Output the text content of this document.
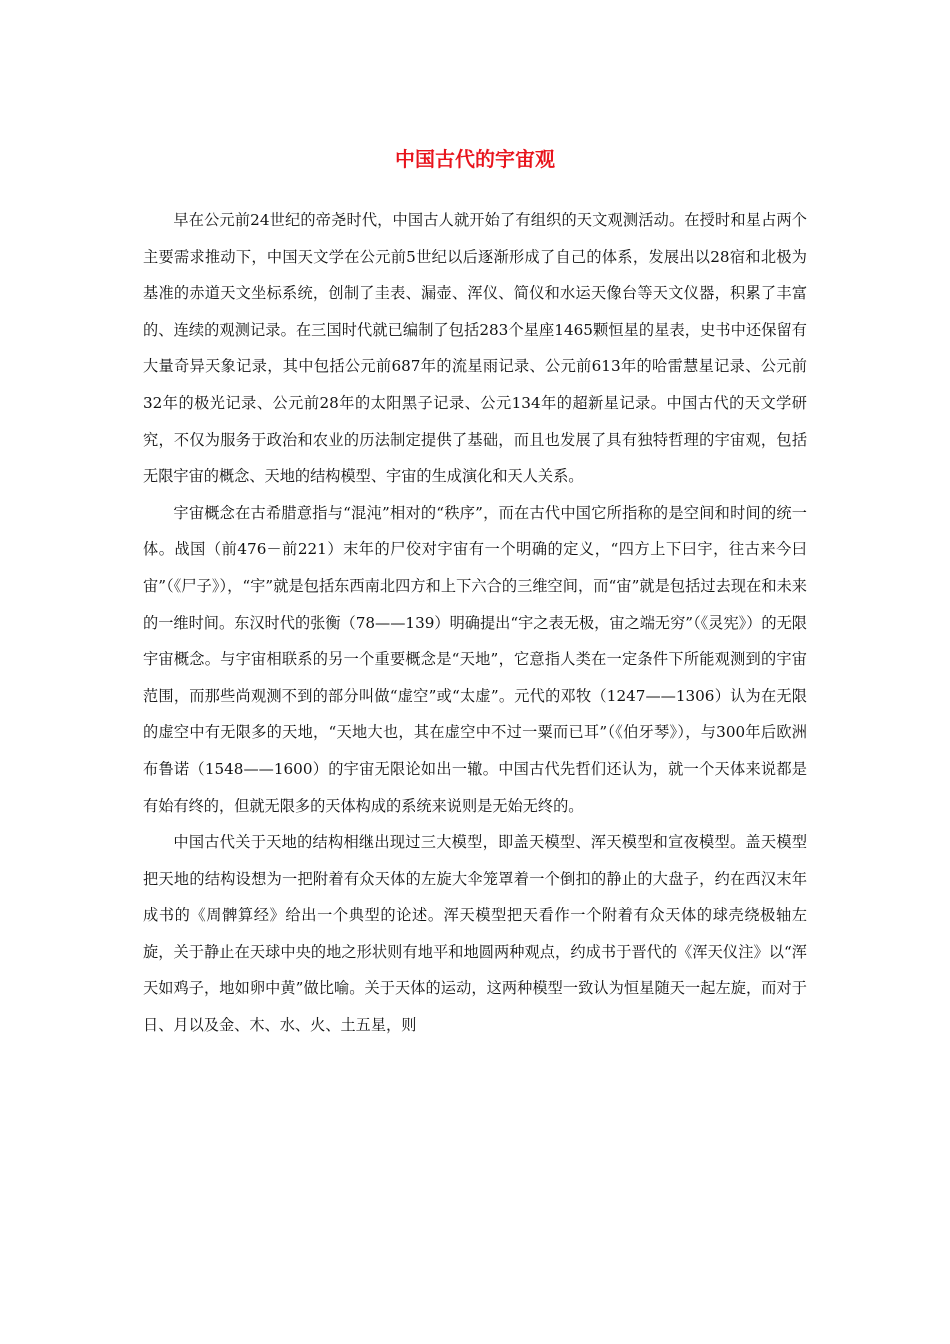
中国古代的宇宙观

早在公元前24世纪的帝尧时代，中国古人就开始了有组织的天文观测活动。在授时和星占两个主要需求推动下，中国天文学在公元前5世纪以后逐渐形成了自己的体系，发展出以28宿和北极为基准的赤道天文坐标系统，创制了圭表、漏壶、浑仪、简仪和水运天像台等天文仪器，积累了丰富的、连续的观测记录。在三国时代就已编制了包括283个星座1465颗恒星的星表，史书中还保留有大量奇异天象记录，其中包括公元前687年的流星雨记录、公元前613年的哈雷慧星记录、公元前32年的极光记录、公元前28年的太阳黑子记录、公元134年的超新星记录。中国古代的天文学研究，不仅为服务于政治和农业的历法制定提供了基础，而且也发展了具有独特哲理的宇宙观，包括无限宇宙的概念、天地的结构模型、宇宙的生成演化和天人关系。

宇宙概念在古希腊意指与“混沌”相对的“秩序”，而在古代中国它所指称的是空间和时间的统一体。战国（前476－前221）末年的尸佼对宇宙有一个明确的定义，“四方上下曰宇，往古来今曰宙”（《尸子》），“宇”就是包括东西南北四方和上下六合的三维空间，而“宙”就是包括过去现在和未来的一维时间。东汉时代的张衡（78——139）明确提出“宇之表无极，宙之端无穷”（《灵宪》）的无限宇宙概念。与宇宙相联系的另一个重要概念是“天地”，它意指人类在一定条件下所能观测到的宇宙范围，而那些尚观测不到的部分叫做“虚空”或“太虚”。元代的邓牧（1247——1306）认为在无限的虚空中有无限多的天地，“天地大也，其在虚空中不过一粟而已耳”（《伯牙琴》），与300年后欧洲布鲁诺（1548——1600）的宇宙无限论如出一辙。中国古代先哲们还认为，就一个天体来说都是有始有终的，但就无限多的天体构成的系统来说则是无始无终的。

中国古代关于天地的结构相继出现过三大模型，即盖天模型、浑天模型和宣夜模型。盖天模型把天地的结构设想为一把附着有众天体的左旋大伞笼罩着一个倒扣的静止的大盘子，约在西汉末年成书的《周髀算经》给出一个典型的论述。浑天模型把天看作一个附着有众天体的球壳绕极轴左旋，关于静止在天球中央的地之形状则有地平和地圆两种观点，约成书于晋代的《浑天仪注》以“浑天如鸡子，地如卵中黄”做比喻。关于天体的运动，这两种模型一致认为恒星随天一起左旋，而对于日、月以及金、木、水、火、土五星，则
